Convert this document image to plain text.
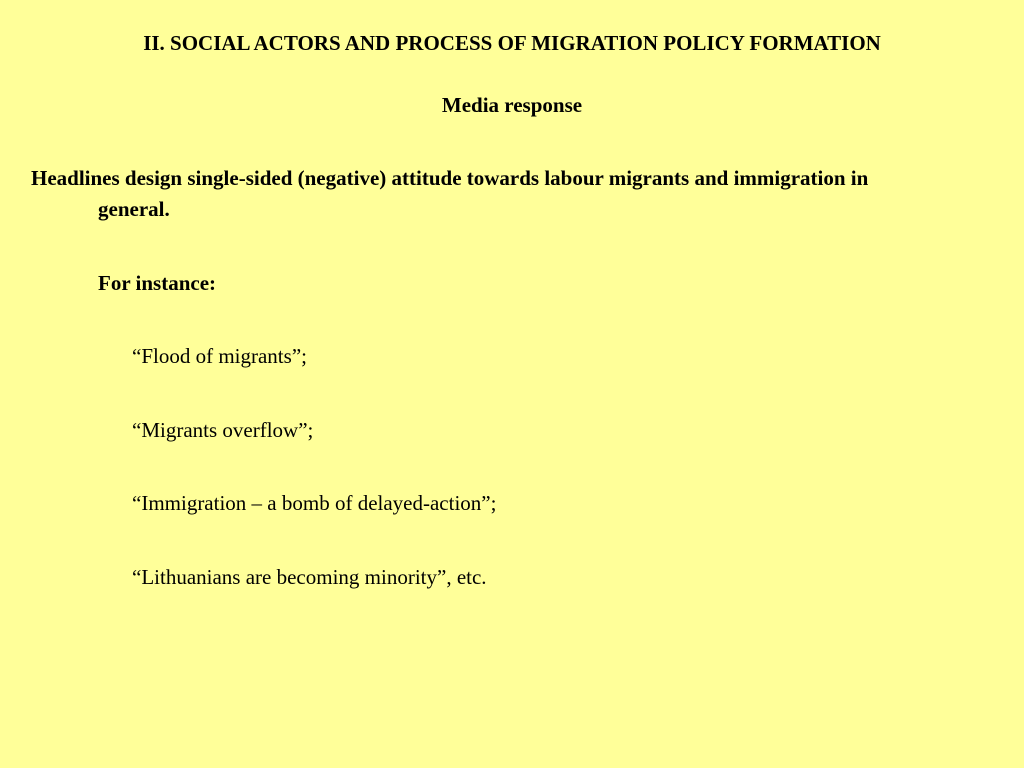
II. SOCIAL ACTORS AND PROCESS OF MIGRATION POLICY FORMATION
Media response
Headlines design single-sided (negative) attitude towards labour migrants and immigration in general.
For instance:
“Flood of migrants”;
“Migrants overflow”;
“Immigration – a bomb of delayed-action”;
“Lithuanians are becoming minority”, etc.
